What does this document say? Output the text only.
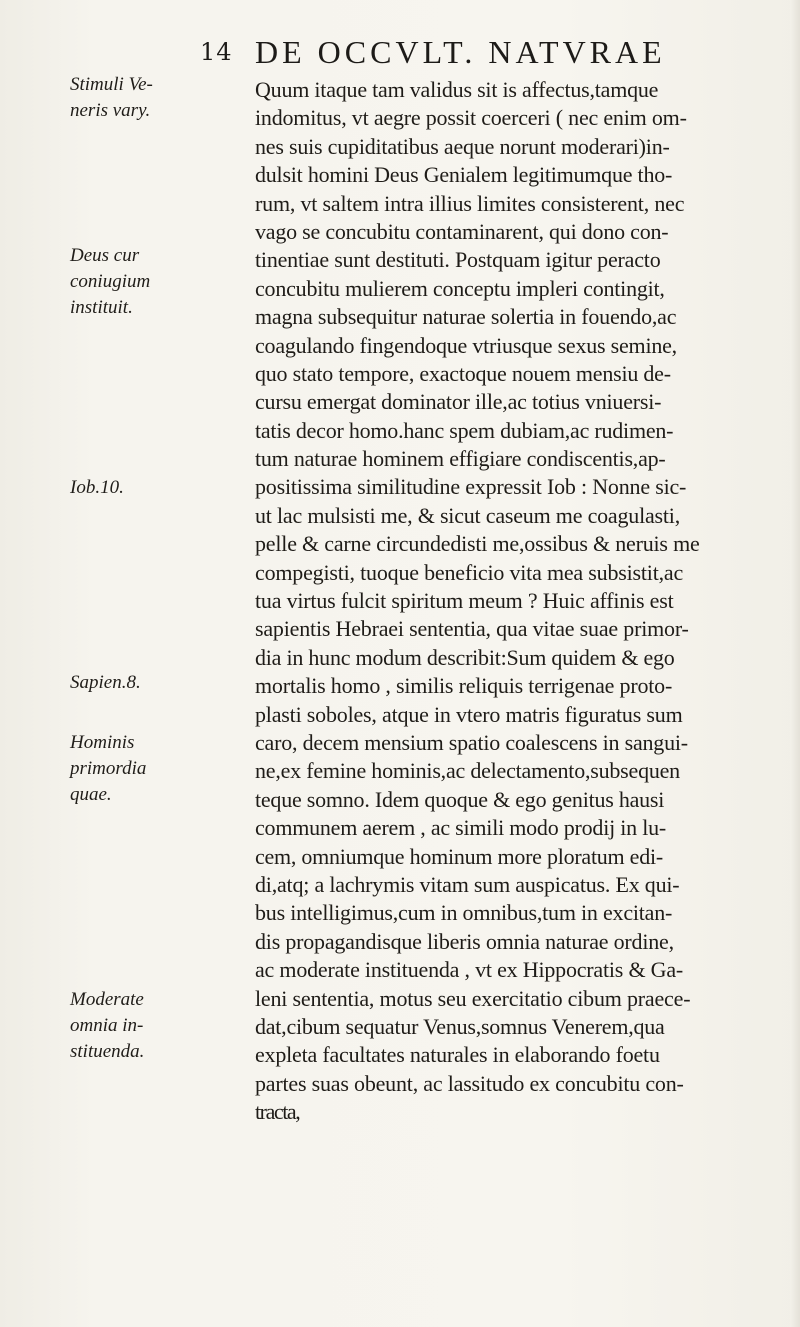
14 DE OCCVLT. NATVRAE
Stimuli Ve-
neris vary.
Deus cur
coniugium
instituit.
Iob.10.
Sapien.8.
Hominis
primordia
quae.
Moderate
omnia in-
stituenda.
Quum itaque tam validus sit is affectus,tamque
indomitus, vt aegre possit coerceri ( nec enim om-
nes suis cupiditatibus aeque norunt moderari)in-
dulsit homini Deus Genialem legitimumque tho-
rum, vt saltem intra illius limites consisterent, nec
vago se concubitu contaminarent, qui dono con-
tinentiae sunt destituti. Postquam igitur peracto
concubitu mulierem conceptu impleri contingit,
magna subsequitur naturae solertia in fouendo,ac
coagulando fingendoque vtriusque sexus semine,
quo stato tempore, exactoque nouem mensiu de-
cursu emergat dominator ille,ac totius vniuersi-
tatis decor homo.hanc spem dubiam,ac rudimen-
tum naturae hominem effigiare condiscentis,ap-
positissima similitudine expressit Iob : Nonne sic-
ut lac mulsisti me, & sicut caseum me coagulasti,
pelle & carne circundedisti me,ossibus & neruis me
compegisti, tuoque beneficio vita mea subsistit,ac
tua virtus fulcit spiritum meum ? Huic affinis est
sapientis Hebraei sententia, qua vitae suae primor-
dia in hunc modum describit:Sum quidem & ego
mortalis homo , similis reliquis terrigenae proto-
plasti soboles, atque in vtero matris figuratus sum
caro, decem mensium spatio coalescens in sangui-
ne,ex femine hominis,ac delectamento,subsequen
teque somno. Idem quoque & ego genitus hausi
communem aerem , ac simili modo prodij in lu-
cem, omniumque hominum more ploratum edi-
di,atq; a lachrymis vitam sum auspicatus. Ex qui-
bus intelligimus,cum in omnibus,tum in excitan-
dis propagandisque liberis omnia naturae ordine,
ac moderate instituenda , vt ex Hippocratis & Ga-
leni sententia, motus seu exercitatio cibum praece-
dat,cibum sequatur Venus,somnus Venerem,qua
expleta facultates naturales in elaborando foetu
partes suas obeunt, ac lassitudo ex concubitu con-
tracta,
